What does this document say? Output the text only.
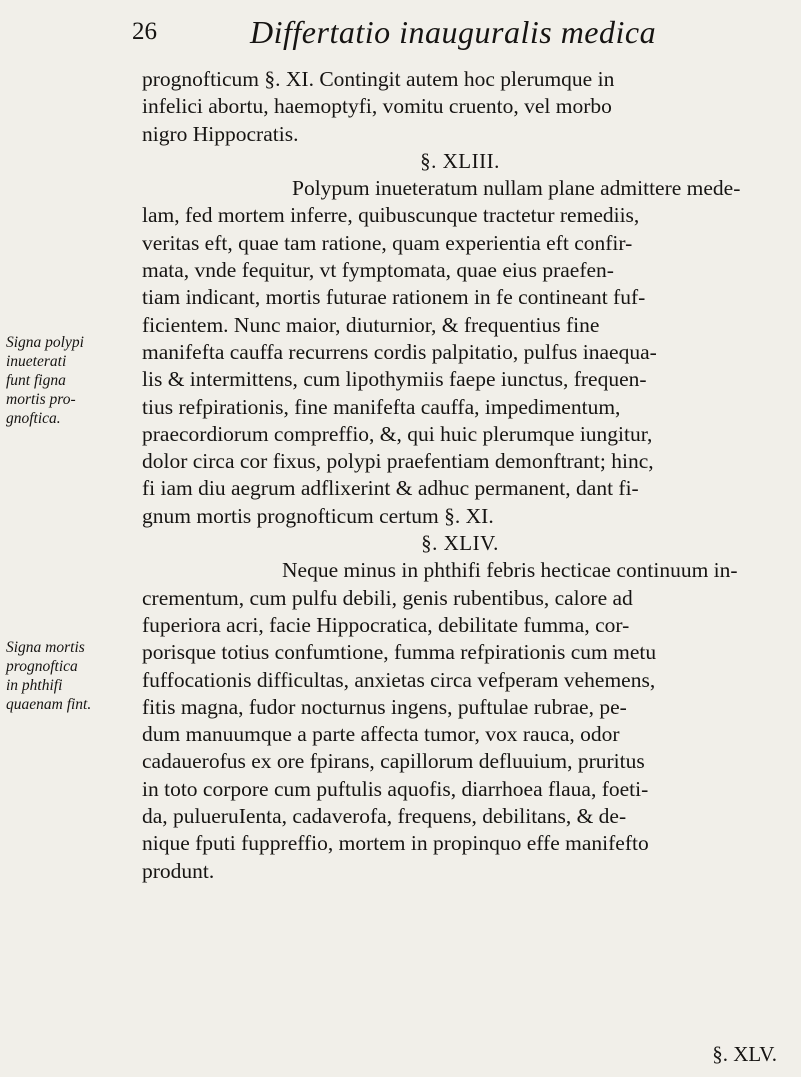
26	Differtatio inauguralis medica
Signa polypi
inueterati
funt figna
mortis pro-
gnoftica.
Signa mortis
prognoftica
in phthifi
quaenam fint.
prognofticum §. XI. Contingit autem hoc plerumque in
infelici abortu, haemoptyfi, vomitu cruento, vel morbo
nigro Hippocratis.
§. XLIII.
Polypum inueteratum nullam plane admittere mede-
lam, fed mortem inferre, quibuscunque tractetur remediis,
veritas eft, quae tam ratione, quam experientia eft confir-
mata, vnde fequitur, vt fymptomata, quae eius praefen-
tiam indicant, mortis futurae rationem in fe contineant fuf-
ficientem. Nunc maior, diuturnior, & frequentius fine
manifefta cauffa recurrens cordis palpitatio, pulfus inaequa-
lis & intermittens, cum lipothymiis faepe iunctus, frequen-
tius refpirationis, fine manifefta cauffa, impedimentum,
praecordiorum compreffio, &, qui huic plerumque iungitur,
dolor circa cor fixus, polypi praefentiam demonftrant; hinc,
fi iam diu aegrum adflixerint & adhuc permanent, dant fi-
gnum mortis prognofticum certum §. XI.
§. XLIV.
Neque minus in phthifi febris hecticae continuum in-
crementum, cum pulfu debili, genis rubentibus, calore ad
fuperiora acri, facie Hippocratica, debilitate fumma, cor-
porisque totius confumtione, fumma refpirationis cum metu
fuffocationis difficultas, anxietas circa vefperam vehemens,
fitis magna, fudor nocturnus ingens, puftulae rubrae, pe-
dum manuumque a parte affecta tumor, vox rauca, odor
cadauerofus ex ore fpirans, capillorum defluuium, pruritus
in toto corpore cum puftulis aquofis, diarrhoea flaua, foeti-
da, pulueruIenta, cadaverofa, frequens, debilitans, & de-
nique fputi fuppreffio, mortem in propinquo effe manifefto
produnt.
§. XLV.
